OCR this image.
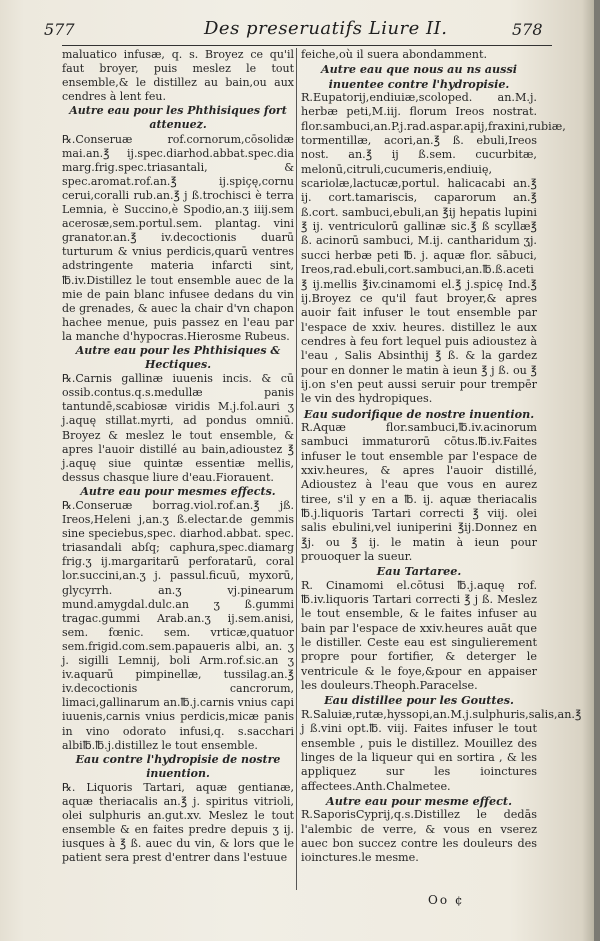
577	Des preseruatifs Liure II.	578

maluatico infusæ, q. s. Broyez ce qu'il faut broyer, puis meslez le tout ensemble,& le distillez au bain,ou aux cendres à lent feu.

Autre eau pour les Phthisiques fort attenuez.

℞.Conseruæ rof.cornorum,cōsolidæ mai.an.℥ ij.spec.diarhod.abbat.spec.dia marg.frig.spec.triasantali, & spec.aromat.rof.an.℥ ij.spiçę,cornu cerui,coralli rub.an.℥ j ß.trochisci è terra Lemnia, è Succino,è Spodio,an.ʒ iiij.sem acerosæ,sem.portul.sem. plantag. vini granator.an.℥ iv.decoctionis duarū turturum & vnius perdicis,quarū ventres adstringente materia infarcti sint, ℔.iv.Distillez le tout ensemble auec de la mie de pain blanc infusee dedans du vin de grenades, & auec la chair d'vn chapon hachee menue, puis passez en l'eau par la manche d'hypocras.Hierosme Rubeus.

Autre eau pour les Phthisiques & Hectiques.

℞.Carnis gallinæ iuuenis incis. & cū ossib.contus.q.s.medullæ panis tantundē,scabiosæ viridis M.j.fol.auri ʒ j.aquę stillat.myrti, ad pondus omniū. Broyez & meslez le tout ensemble, & apres l'auoir distillé au bain,adioustez ℥ j.aquę siue quintæ essentiæ mellis, dessus chasque liure d'eau.Fiorauent.

Autre eau pour mesmes effects.

℞.Conseruæ borrag.viol.rof.an.℥ jß. Ireos,Heleni j,an.ʒ ß.electar.de gemmis sine speciebus,spec. diarhod.abbat. spec. triasandali abſq; caphura,spec.diamarg frig.ʒ ij.margaritarū perforatarū, coral lor.succini,an.ʒ j. passul.ficuū, myxorū, glycyrrh. an.ʒ vj.pinearum mund.amygdal.dulc.an ʒ ß.gummi tragac.gummi Arab.an.ʒ ij.sem.anisi, sem. fœnic. sem. vrticæ,quatuor sem.frigid.com.sem.papaueris albi, an. ʒ j. sigilli Lemnij, boli Arm.rof.sic.an ʒ iv.aquarū pimpinellæ, tussilag.an.℥ iv.decoctionis cancrorum, limaci,gallinarum an.℔.j.carnis vnius capi iuuenis,carnis vnius perdicis,micæ panis in vino odorato infusi,q. s.sacchari albi℔.℔.j.distillez le tout ensemble.

Eau contre l'hydropisie de nostre inuention.

℞. Liquoris Tartari, aquæ gentianæ, aquæ theriacalis an.℥ j. spiritus vitrioli, olei sulphuris an.gut.xv. Meslez le tout ensemble & en faites predre depuis ʒ ij. iusques à ℥ ß. auec du vin, & lors que le patient sera prest d'entrer dans l'estuue

feiche,où il suera abondamment.

Autre eau que nous au ns aussi inuentee contre l'hydropisie.

R.Eupatorij,endiuiæ,scoloped. an.M.j. herbæ peti,M.iij. florum Ireos nostrat. flor.sambuci,an.P.j.rad.aspar.apij,fraxini,rubiæ, tormentillæ, acori,an.℥ ß. ebuli,Ireos nost. an.℥ ij ß.sem. cucurbitæ, melonū,citruli,cucumeris,endiuię, scariolæ,lactucæ,portul. halicacabi an.℥ ij. cort.tamariscis, caparorum an.℥ ß.cort. sambuci,ebuli,an ℥ij hepatis lupini ℥ ij. ventriculorū gallinæ sic.℥ ß scyllæ℥ ß. acinorū sambuci, M.ij. cantharidum ʒj. succi herbæ peti ℔. j. aquæ flor. sābuci, Ireos,rad.ebuli,cort.sambuci,an.℔.ß.aceti ℥ ij.mellis ℥iv.cinamomi el.℥ j.spicę Ind.℥ ij.Broyez ce qu'il faut broyer,& apres auoir fait infuser le tout ensemble par l'espace de xxiv. heures. distillez le aux cendres à feu fort lequel puis adioustez à l'eau , Salis Absinthij ℥ ß. & la gardez pour en donner le matin à ieun ℥ j ß. ou ℥ ij.on s'en peut aussi seruir pour trempēr le vin des hydropiques.

Eau sudorifique de nostre inuention.

R.Aquæ flor.sambuci,℔.iv.acinorum sambuci immaturorū cōtus.℔.iv.Faites infuser le tout ensemble par l'espace de xxiv.heures, & apres l'auoir distillé, Adioustez à l'eau que vous en aurez tiree, s'il y en a ℔. ij. aquæ theriacalis ℔.j.liquoris Tartari correcti ℥ viij. olei salis ebulini,vel iuniperini ℥ij.Donnez en ℥j. ou ℥ ij. le matin à ieun pour prouoquer la sueur.

Eau Tartaree.

R. Cinamomi el.cōtusi ℔.j.aquę rof. ℔.iv.liquoris Tartari correcti ℥ j ß. Meslez le tout ensemble, & le faites infuser au bain par l'espace de xxiv.heures auāt que le distiller. Ceste eau est singulierement propre pour fortifier, & deterger le ventricule & le foye,&pour en appaiser les douleurs.Theoph.Paracelse.

Eau distillee pour les Gouttes.

R.Saluiæ,rutæ,hyssopi,an.M.j.sulphuris,salis,an.℥ j ß.vini opt.℔. viij. Faites infuser le tout ensemble , puis le distillez. Mouillez des linges de la liqueur qui en sortira , & les appliquez sur les ioinctures affectees.Anth.Chalmetee.

Autre eau pour mesme effect.

R.SaporisCyprij,q.s.Distillez le dedās l'alembic de verre, & vous en vserez auec bon succez contre les douleurs des ioinctures.le mesme.

Oo ¢
